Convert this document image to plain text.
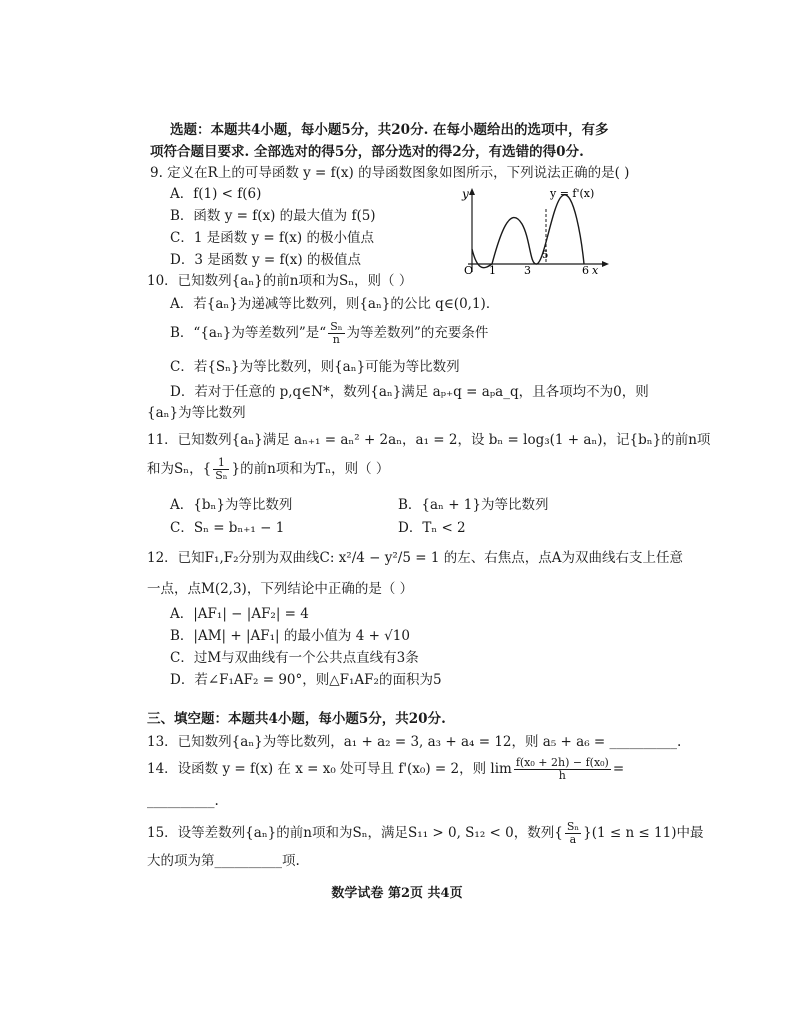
选题：本题共4小题，每小题5分，共20分. 在每小题给出的选项中，有多
项符合题目要求. 全部选对的得5分，部分选对的得2分，有选错的得0分.
9. 定义在R上的可导函数 y = f(x) 的导函数图象如图所示，下列说法正确的是( )
A．f(1) < f(6)
B．函数 y = f(x) 的最大值为 f(5)
C．1 是函数 y = f(x) 的极小值点
D．3 是函数 y = f(x) 的极值点
y
x
y = f'(x)
O 1	3
5
6
10．已知数列{aₙ}的前n项和为Sₙ，则（ ）
A．若{aₙ}为递减等比数列，则{aₙ}的公比 q∈(0,1)．
B．“{aₙ}为等差数列”是“ $\frac{\text{Sₙ}}{n}$ 为等差数列”的充要条件
C．若{Sₙ}为等比数列，则{aₙ}可能为等比数列
D．若对于任意的 p,q∈N*，数列{aₙ}满足 aₚ₊q = aₚa_q，且各项均不为0，则
{aₙ}为等比数列
11．已知数列{aₙ}满足 aₙ₊₁ = aₙ² + 2aₙ，a₁ = 2，设 bₙ = log₃(1 + aₙ)，记{bₙ}的前n项
和为Sₙ，{ $\frac{1}{\text{Sₙ}}$ }的前n项和为Tₙ，则（ ）
A．{bₙ}为等比数列	B．{aₙ + 1}为等比数列
C．Sₙ = bₙ₊₁ − 1	D．Tₙ < 2
12．已知F₁,F₂分别为双曲线C: x²/4 − y²/5 = 1 的左、右焦点，点A为双曲线右支上任意
一点，点M(2,3)，下列结论中正确的是（ ）
A．|AF₁| − |AF₂| = 4
B．|AM| + |AF₁| 的最小值为 4 + √10
C．过M与双曲线有一个公共点直线有3条
D．若∠F₁AF₂ = 90°，则△F₁AF₂的面积为5
三、填空题：本题共4小题，每小题5分，共20分.
13．已知数列{aₙ}为等比数列，a₁ + a₂ = 3, a₃ + a₄ = 12，则 a₅ + a₆ = __________.
14．设函数 y = f(x) 在 x = x₀ 处可导且 f'(x₀) = 2，则 $\lim \frac{\text{f(x₀ + 2h) − f(x₀)}}{h}$ =
__________.
15．设等差数列{aₙ}的前n项和为Sₙ，满足S₁₁ > 0, S₁₂ < 0，数列{ $\frac{\text{Sₙ}}{a} \}(1 \le n \le 11)$中最
大的项为第__________项.
数学试卷 第2页 共4页
